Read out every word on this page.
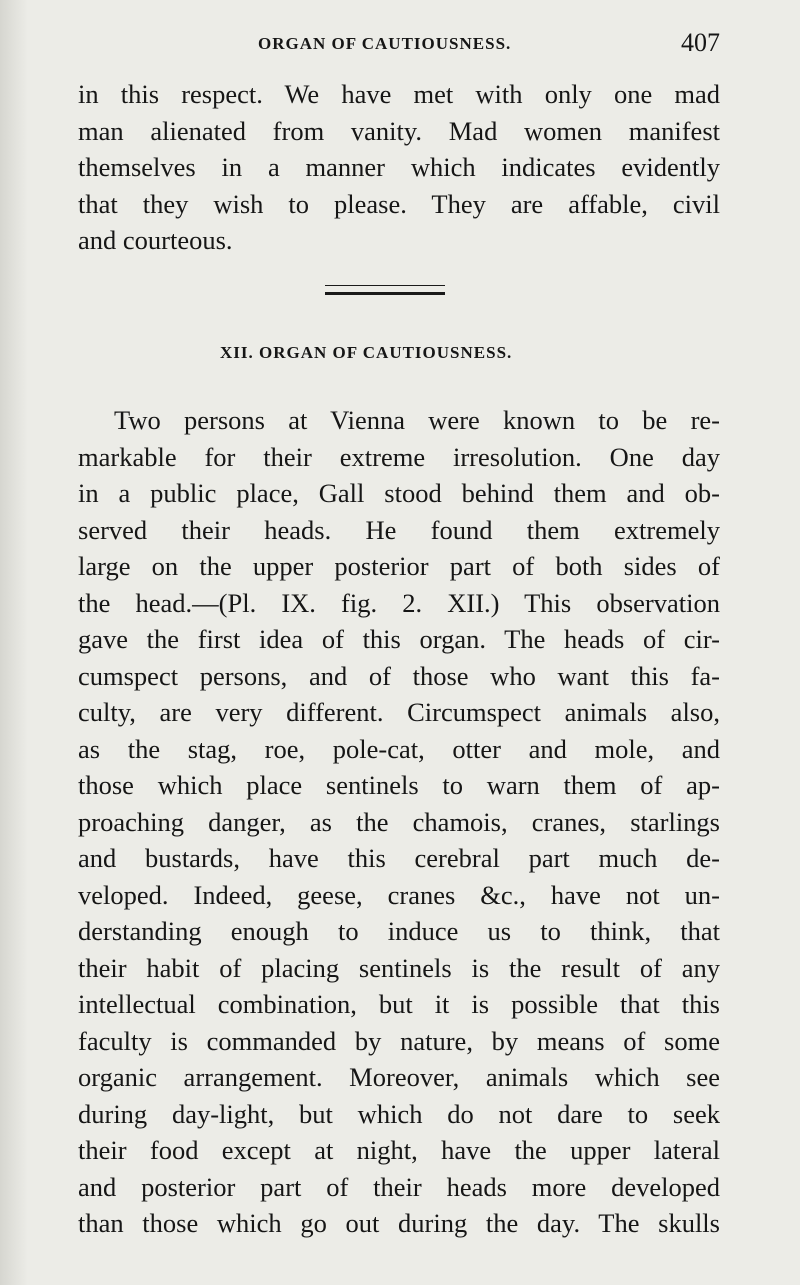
ORGAN OF CAUTIOUSNESS.	407
in this respect. We have met with only one mad
man alienated from vanity. Mad women manifest
themselves in a manner which indicates evidently
that they wish to please. They are affable, civil
and courteous.
XII. ORGAN OF CAUTIOUSNESS.
Two persons at Vienna were known to be re-
markable for their extreme irresolution. One day
in a public place, Gall stood behind them and ob-
served their heads. He found them extremely
large on the upper posterior part of both sides of
the head.—(Pl. IX. fig. 2. XII.) This observation
gave the first idea of this organ. The heads of cir-
cumspect persons, and of those who want this fa-
culty, are very different. Circumspect animals also,
as the stag, roe, pole-cat, otter and mole, and
those which place sentinels to warn them of ap-
proaching danger, as the chamois, cranes, starlings
and bustards, have this cerebral part much de-
veloped. Indeed, geese, cranes &c., have not un-
derstanding enough to induce us to think, that
their habit of placing sentinels is the result of any
intellectual combination, but it is possible that this
faculty is commanded by nature, by means of some
organic arrangement. Moreover, animals which see
during day-light, but which do not dare to seek
their food except at night, have the upper lateral
and posterior part of their heads more developed
than those which go out during the day. The skulls
